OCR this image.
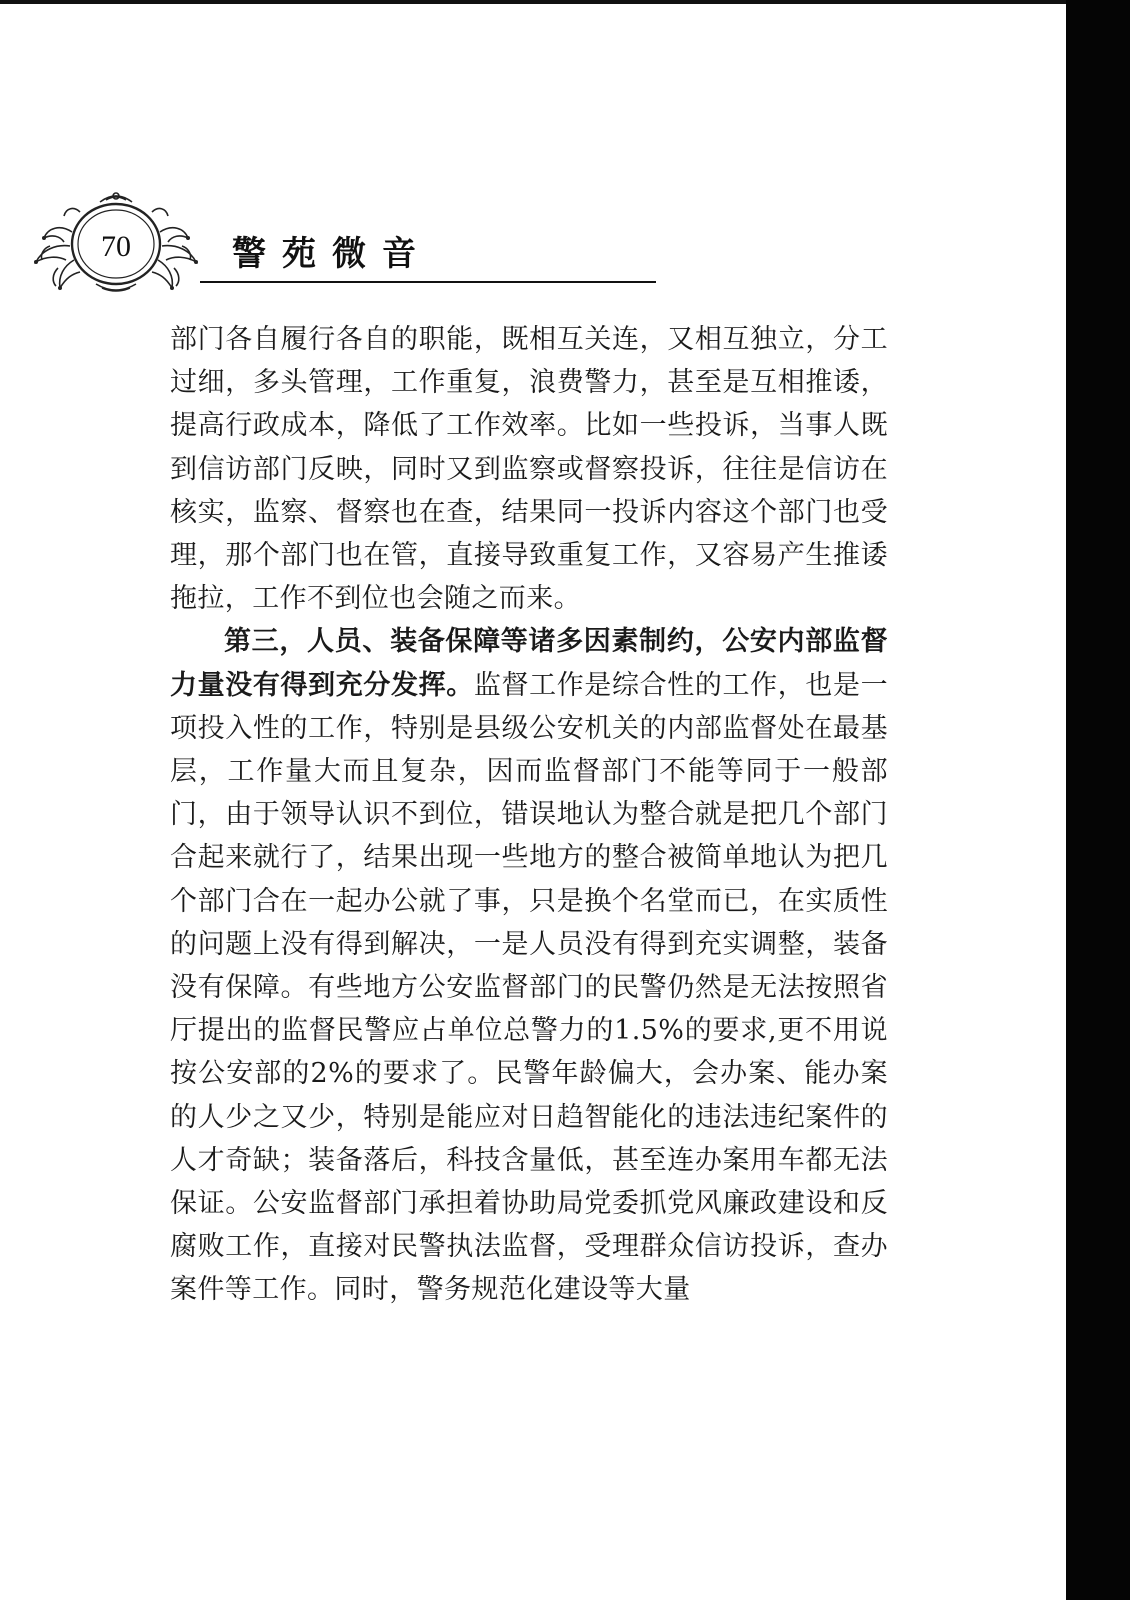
70	警苑微音

部门各自履行各自的职能，既相互关连，又相互独立，分工过细，多头管理，工作重复，浪费警力，甚至是互相推诿，提高行政成本，降低了工作效率。比如一些投诉，当事人既到信访部门反映，同时又到监察或督察投诉，往往是信访在核实，监察、督察也在查，结果同一投诉内容这个部门也受理，那个部门也在管，直接导致重复工作，又容易产生推诿拖拉，工作不到位也会随之而来。

第三，人员、装备保障等诸多因素制约，公安内部监督力量没有得到充分发挥。监督工作是综合性的工作，也是一项投入性的工作，特别是县级公安机关的内部监督处在最基层，工作量大而且复杂，因而监督部门不能等同于一般部门，由于领导认识不到位，错误地认为整合就是把几个部门合起来就行了，结果出现一些地方的整合被简单地认为把几个部门合在一起办公就了事，只是换个名堂而已，在实质性的问题上没有得到解决，一是人员没有得到充实调整，装备没有保障。有些地方公安监督部门的民警仍然是无法按照省厅提出的监督民警应占单位总警力的1.5%的要求,更不用说按公安部的2%的要求了。民警年龄偏大，会办案、能办案的人少之又少，特别是能应对日趋智能化的违法违纪案件的人才奇缺；装备落后，科技含量低，甚至连办案用车都无法保证。公安监督部门承担着协助局党委抓党风廉政建设和反腐败工作，直接对民警执法监督，受理群众信访投诉，查办案件等工作。同时，警务规范化建设等大量
